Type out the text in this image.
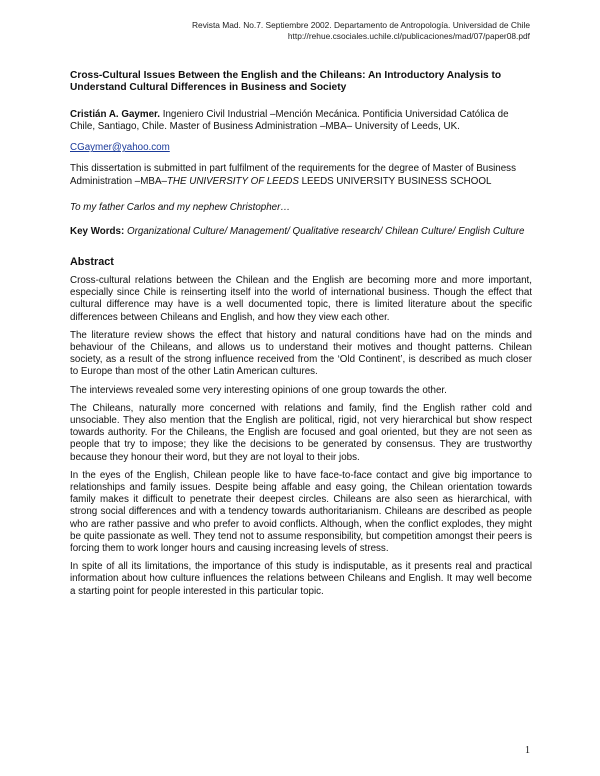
Revista Mad. No.7. Septiembre 2002. Departamento de Antropología. Universidad de Chile
http://rehue.csociales.uchile.cl/publicaciones/mad/07/paper08.pdf

Cross-Cultural Issues Between the English and the Chileans: An Introductory Analysis to Understand Cultural Differences in Business and Society

Cristián A. Gaymer. Ingeniero Civil Industrial –Mención Mecánica. Pontificia Universidad Católica de Chile, Santiago, Chile. Master of Business Administration –MBA– University of Leeds, UK.

CGaymer@yahoo.com

This dissertation is submitted in part fulfilment of the requirements for the degree of Master of Business Administration –MBA–THE UNIVERSITY OF LEEDS LEEDS UNIVERSITY BUSINESS SCHOOL

To my father Carlos and my nephew Christopher…

Key Words: Organizational Culture/ Management/ Qualitative research/ Chilean Culture/ English Culture

Abstract

Cross-cultural relations between the Chilean and the English are becoming more and more important, especially since Chile is reinserting itself into the world of international business. Though the effect that cultural difference may have is a well documented topic, there is limited literature about the specific differences between Chileans and English, and how they view each other.

The literature review shows the effect that history and natural conditions have had on the minds and behaviour of the Chileans, and allows us to understand their motives and thought patterns. Chilean society, as a result of the strong influence received from the ‘Old Continent’, is described as much closer to Europe than most of the other Latin American cultures.

The interviews revealed some very interesting opinions of one group towards the other.

The Chileans, naturally more concerned with relations and family, find the English rather cold and unsociable. They also mention that the English are political, rigid, not very hierarchical but show respect towards authority. For the Chileans, the English are focused and goal oriented, but they are not seen as people that try to impose; they like the decisions to be generated by consensus. They are trustworthy because they honour their word, but they are not loyal to their jobs.

In the eyes of the English, Chilean people like to have face-to-face contact and give big importance to relationships and family issues. Despite being affable and easy going, the Chilean orientation towards family makes it difficult to penetrate their deepest circles. Chileans are also seen as hierarchical, with strong social differences and with a tendency towards authoritarianism. Chileans are described as people who are rather passive and who prefer to avoid conflicts. Although, when the conflict explodes, they might be quite passionate as well. They tend not to assume responsibility, but competition amongst their peers is forcing them to work longer hours and causing increasing levels of stress.

In spite of all its limitations, the importance of this study is indisputable, as it presents real and practical information about how culture influences the relations between Chileans and English. It may well become a starting point for people interested in this particular topic.

1
